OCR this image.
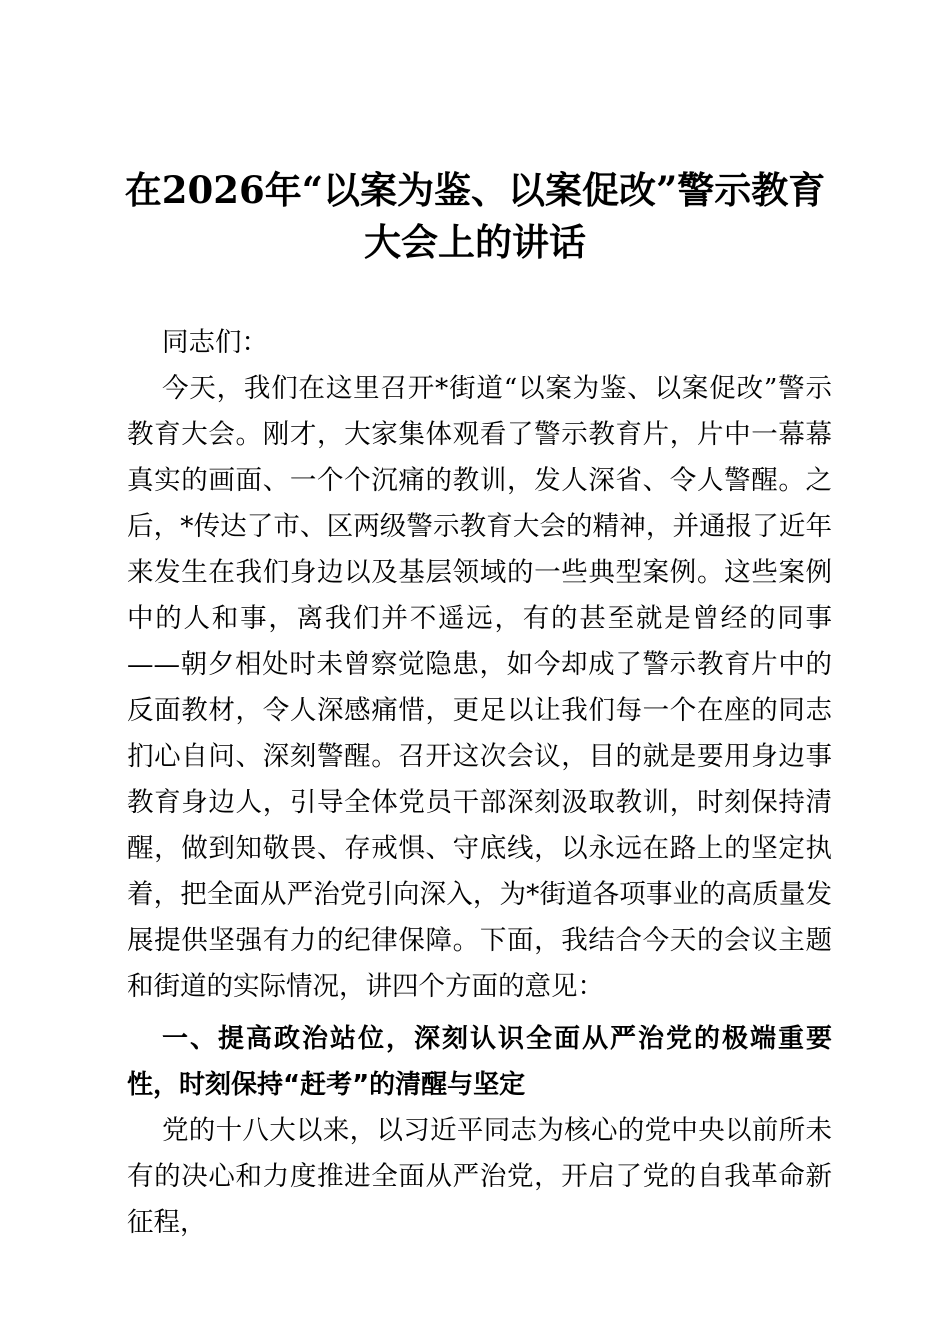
在2026年“以案为鉴、以案促改”警示教育
大会上的讲话

同志们：

今天，我们在这里召开*街道“以案为鉴、以案促改”警示教育大会。刚才，大家集体观看了警示教育片，片中一幕幕真实的画面、一个个沉痛的教训，发人深省、令人警醒。之后，*传达了市、区两级警示教育大会的精神，并通报了近年来发生在我们身边以及基层领域的一些典型案例。这些案例中的人和事，离我们并不遥远，有的甚至就是曾经的同事——朝夕相处时未曾察觉隐患，如今却成了警示教育片中的反面教材，令人深感痛惜，更足以让我们每一个在座的同志扪心自问、深刻警醒。召开这次会议，目的就是要用身边事教育身边人，引导全体党员干部深刻汲取教训，时刻保持清醒，做到知敬畏、存戒惧、守底线，以永远在路上的坚定执着，把全面从严治党引向深入，为*街道各项事业的高质量发展提供坚强有力的纪律保障。下面，我结合今天的会议主题和街道的实际情况，讲四个方面的意见：

一、提高政治站位，深刻认识全面从严治党的极端重要性，时刻保持“赶考”的清醒与坚定

党的十八大以来，以习近平同志为核心的党中央以前所未有的决心和力度推进全面从严治党，开启了党的自我革命新征程，
